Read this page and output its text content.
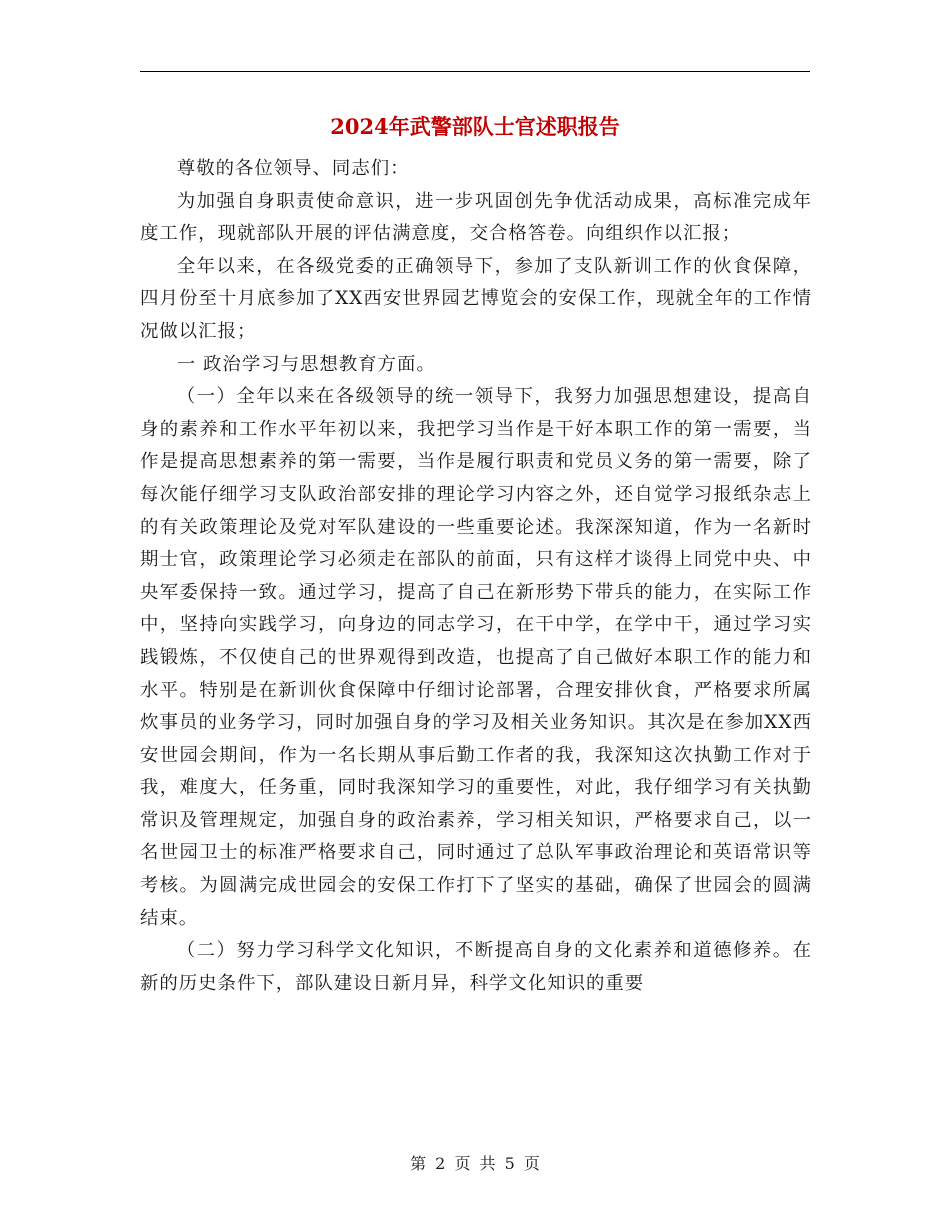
2024年武警部队士官述职报告

尊敬的各位领导、同志们：

为加强自身职责使命意识，进一步巩固创先争优活动成果，高标准完成年度工作，现就部队开展的评估满意度，交合格答卷。向组织作以汇报；

全年以来，在各级党委的正确领导下，参加了支队新训工作的伙食保障，四月份至十月底参加了XX西安世界园艺博览会的安保工作，现就全年的工作情况做以汇报；

一 政治学习与思想教育方面。

（一）全年以来在各级领导的统一领导下，我努力加强思想建设，提高自身的素养和工作水平年初以来，我把学习当作是干好本职工作的第一需要，当作是提高思想素养的第一需要，当作是履行职责和党员义务的第一需要，除了每次能仔细学习支队政治部安排的理论学习内容之外，还自觉学习报纸杂志上的有关政策理论及党对军队建设的一些重要论述。我深深知道，作为一名新时期士官，政策理论学习必须走在部队的前面，只有这样才谈得上同党中央、中央军委保持一致。通过学习，提高了自己在新形势下带兵的能力，在实际工作中，坚持向实践学习，向身边的同志学习，在干中学，在学中干，通过学习实践锻炼，不仅使自己的世界观得到改造，也提高了自己做好本职工作的能力和水平。特别是在新训伙食保障中仔细讨论部署，合理安排伙食，严格要求所属炊事员的业务学习，同时加强自身的学习及相关业务知识。其次是在参加XX西安世园会期间，作为一名长期从事后勤工作者的我，我深知这次执勤工作对于我，难度大，任务重，同时我深知学习的重要性，对此，我仔细学习有关执勤常识及管理规定，加强自身的政治素养，学习相关知识，严格要求自己，以一名世园卫士的标准严格要求自己，同时通过了总队军事政治理论和英语常识等考核。为圆满完成世园会的安保工作打下了坚实的基础，确保了世园会的圆满结束。

（二）努力学习科学文化知识，不断提高自身的文化素养和道德修养。在新的历史条件下，部队建设日新月异，科学文化知识的重要

第 2 页 共 5 页
